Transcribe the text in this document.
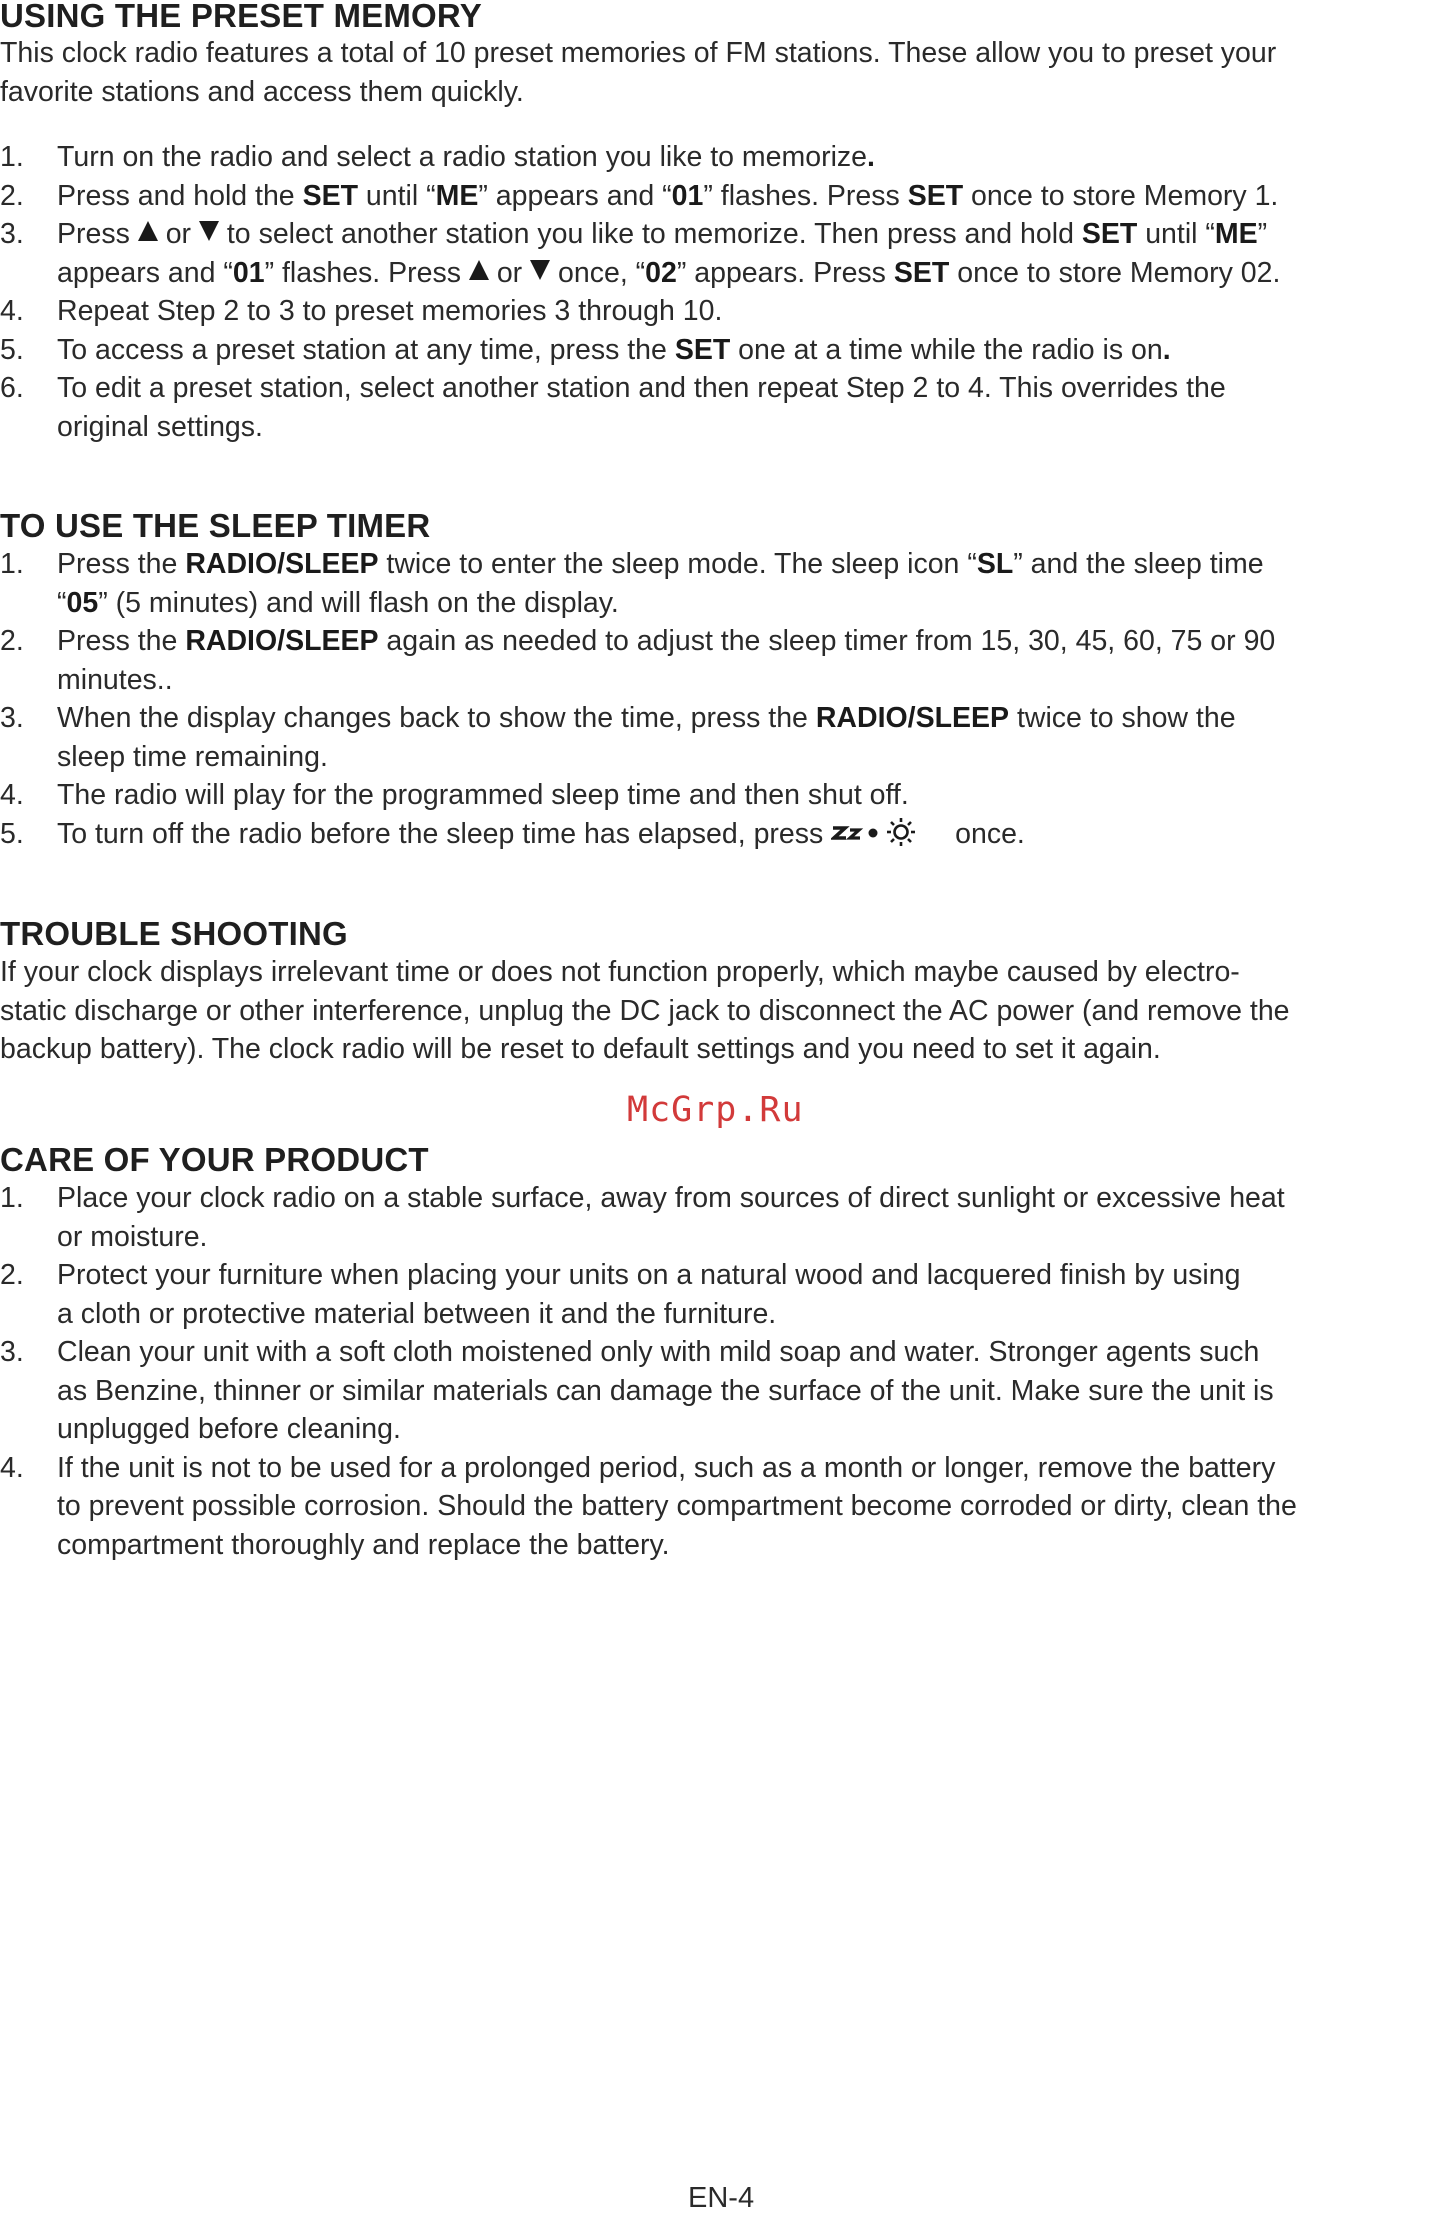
USING THE PRESET MEMORY
This clock radio features a total of 10 preset memories of FM stations. These allow you to preset your
favorite stations and access them quickly.
1.	Turn on the radio and select a radio station you like to memorize.
2.	Press and hold the SET until “ME” appears and “01” flashes. Press SET once to store Memory 1.
3.	Press  or  to select another station you like to memorize. Then press and hold SET until “ME”
appears and “01” flashes. Press  or  once, “02” appears. Press SET once to store Memory 02.
4.	Repeat Step 2 to 3 to preset memories 3 through 10.
5.	To access a preset station at any time, press the SET one at a time while the radio is on.
6.	To edit a preset station, select another station and then repeat Step 2 to 4. This overrides the
original settings.
TO USE THE SLEEP TIMER
1.	Press the RADIO/SLEEP twice to enter the sleep mode. The sleep icon “SL” and the sleep time
“05” (5 minutes) and will flash on the display.
2.	Press the RADIO/SLEEP again as needed to adjust the sleep timer from 15, 30, 45, 60, 75 or 90
minutes..
3.	When the display changes back to show the time, press the RADIO/SLEEP twice to show the
sleep time remaining.
4.	The radio will play for the programmed sleep time and then shut off.
5.	To turn off the radio before the sleep time has elapsed, press	once.
TROUBLE SHOOTING
If your clock displays irrelevant time or does not function properly, which maybe caused by electro-
static discharge or other interference, unplug the DC jack to disconnect the AC power (and remove the
backup battery). The clock radio will be reset to default settings and you need to set it again.
McGrp.Ru
CARE OF YOUR PRODUCT
1.	Place your clock radio on a stable surface, away from sources of direct sunlight or excessive heat
or moisture.
2.	Protect your furniture when placing your units on a natural wood and lacquered finish by using
a cloth or protective material between it and the furniture.
3.	Clean your unit with a soft cloth moistened only with mild soap and water. Stronger agents such
as Benzine, thinner or similar materials can damage the surface of the unit. Make sure the unit is
unplugged before cleaning.
4.	If the unit is not to be used for a prolonged period, such as a month or longer, remove the battery
to prevent possible corrosion. Should the battery compartment become corroded or dirty, clean the
compartment thoroughly and replace the battery.
EN-4
